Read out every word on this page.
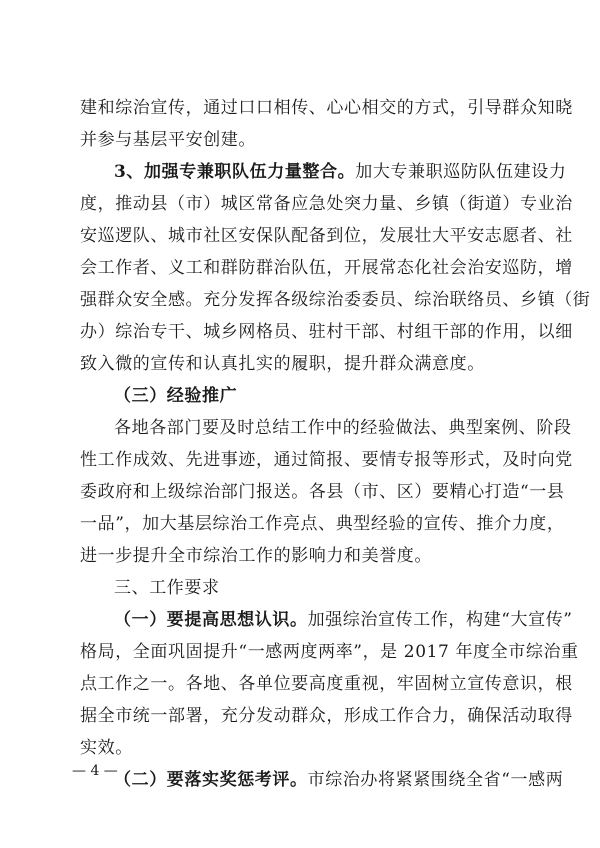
建和综治宣传，通过口口相传、心心相交的方式，引导群众知晓
并参与基层平安创建。
3、加强专兼职队伍力量整合。加大专兼职巡防队伍建设力
度，推动县（市）城区常备应急处突力量、乡镇（街道）专业治
安巡逻队、城市社区安保队配备到位，发展壮大平安志愿者、社
会工作者、义工和群防群治队伍，开展常态化社会治安巡防，增
强群众安全感。充分发挥各级综治委委员、综治联络员、乡镇（街
办）综治专干、城乡网格员、驻村干部、村组干部的作用，以细
致入微的宣传和认真扎实的履职，提升群众满意度。
（三）经验推广
各地各部门要及时总结工作中的经验做法、典型案例、阶段
性工作成效、先进事迹，通过简报、要情专报等形式，及时向党
委政府和上级综治部门报送。各县（市、区）要精心打造“一县
一品”，加大基层综治工作亮点、典型经验的宣传、推介力度，
进一步提升全市综治工作的影响力和美誉度。
三、工作要求
（一）要提高思想认识。加强综治宣传工作，构建“大宣传”
格局，全面巩固提升“一感两度两率”，是 2017 年度全市综治重
点工作之一。各地、各单位要高度重视，牢固树立宣传意识，根
据全市统一部署，充分发动群众，形成工作合力，确保活动取得
实效。
（二）要落实奖惩考评。市综治办将紧紧围绕全省“一感两
— 4 —
